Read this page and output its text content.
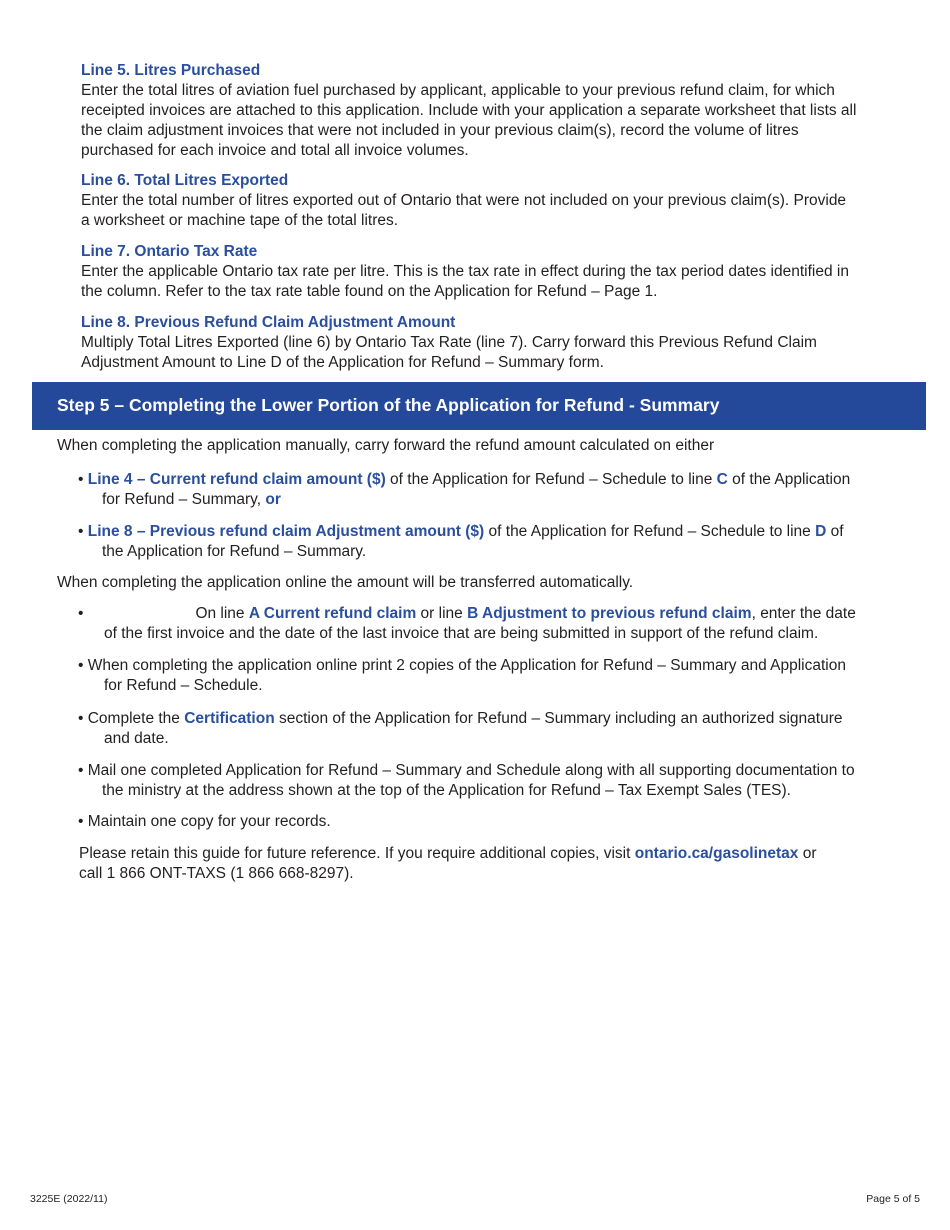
Line 5. Litres Purchased
Enter the total litres of aviation fuel purchased by applicant, applicable to your previous refund claim, for which
receipted invoices are attached to this application. Include with your application a separate worksheet that lists all
the claim adjustment invoices that were not included in your previous claim(s), record the volume of litres
purchased for each invoice and total all invoice volumes.
Line 6. Total Litres Exported
Enter the total number of litres exported out of Ontario that were not included on your previous claim(s). Provide
a worksheet or machine tape of the total litres.
Line 7. Ontario Tax Rate
Enter the applicable Ontario tax rate per litre. This is the tax rate in effect during the tax period dates identified in
the column. Refer to the tax rate table found on the Application for Refund – Page 1.
Line 8. Previous Refund Claim Adjustment Amount
Multiply Total Litres Exported (line 6) by Ontario Tax Rate (line 7). Carry forward this Previous Refund Claim
Adjustment Amount to Line D of the Application for Refund – Summary form.
Step 5 – Completing the Lower Portion of the Application for Refund - Summary

When completing the application manually, carry forward the refund amount calculated on either

• Line 4 – Current refund claim amount ($) of the Application for Refund – Schedule to line C of the Application

for Refund – Summary, or

• Line 8 – Previous refund claim Adjustment amount ($) of the Application for Refund – Schedule to line D of

the Application for Refund – Summary.

When completing the application online the amount will be transferred automatically.

•	On line A Current refund claim or line B Adjustment to previous refund claim, enter the date

of the first invoice and the date of the last invoice that are being submitted in support of the refund claim.

• When completing the application online print 2 copies of the Application for Refund – Summary and Application

for Refund – Schedule.

• Complete the Certification section of the Application for Refund – Summary including an authorized signature

and date.

• Mail one completed Application for Refund – Summary and Schedule along with all supporting documentation to

the ministry at the address shown at the top of the Application for Refund – Tax Exempt Sales (TES).

• Maintain one copy for your records.

Please retain this guide for future reference. If you require additional copies, visit ontario.ca/gasolinetax or

call 1 866 ONT-TAXS (1 866 668-8297).

3225E (2022/11)	Page 5 of 5
